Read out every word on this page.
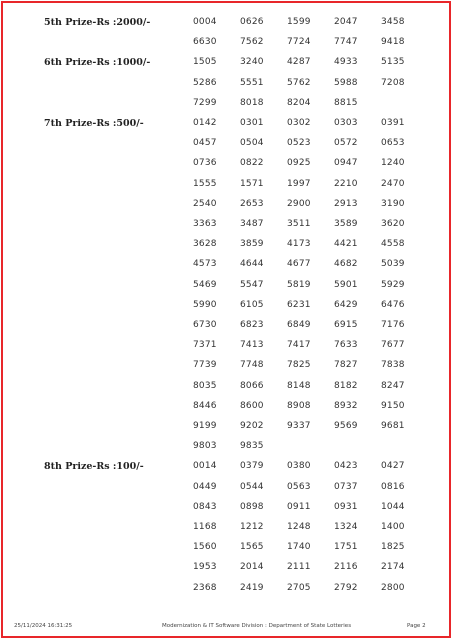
5th Prize-Rs :2000/-	0004	0626	1599	2047	3458
6630	7562	7724	7747	9418
6th Prize-Rs :1000/-	1505	3240	4287	4933	5135
5286	5551	5762	5988	7208
7299	8018	8204	8815
7th Prize-Rs :500/-	0142	0301	0302	0303	0391
0457	0504	0523	0572	0653
0736	0822	0925	0947	1240
1555	1571	1997	2210	2470
2540	2653	2900	2913	3190
3363	3487	3511	3589	3620
3628	3859	4173	4421	4558
4573	4644	4677	4682	5039
5469	5547	5819	5901	5929
5990	6105	6231	6429	6476
6730	6823	6849	6915	7176
7371	7413	7417	7633	7677
7739	7748	7825	7827	7838
8035	8066	8148	8182	8247
8446	8600	8908	8932	9150
9199	9202	9337	9569	9681
9803	9835
8th Prize-Rs :100/-	0014	0379	0380	0423	0427
0449	0544	0563	0737	0816
0843	0898	0911	0931	1044
1168	1212	1248	1324	1400
1560	1565	1740	1751	1825
1953	2014	2111	2116	2174
2368	2419	2705	2792	2800
25/11/2024 16:31:25	Modernization & IT Software Division : Department of State Lotteries	Page 2
